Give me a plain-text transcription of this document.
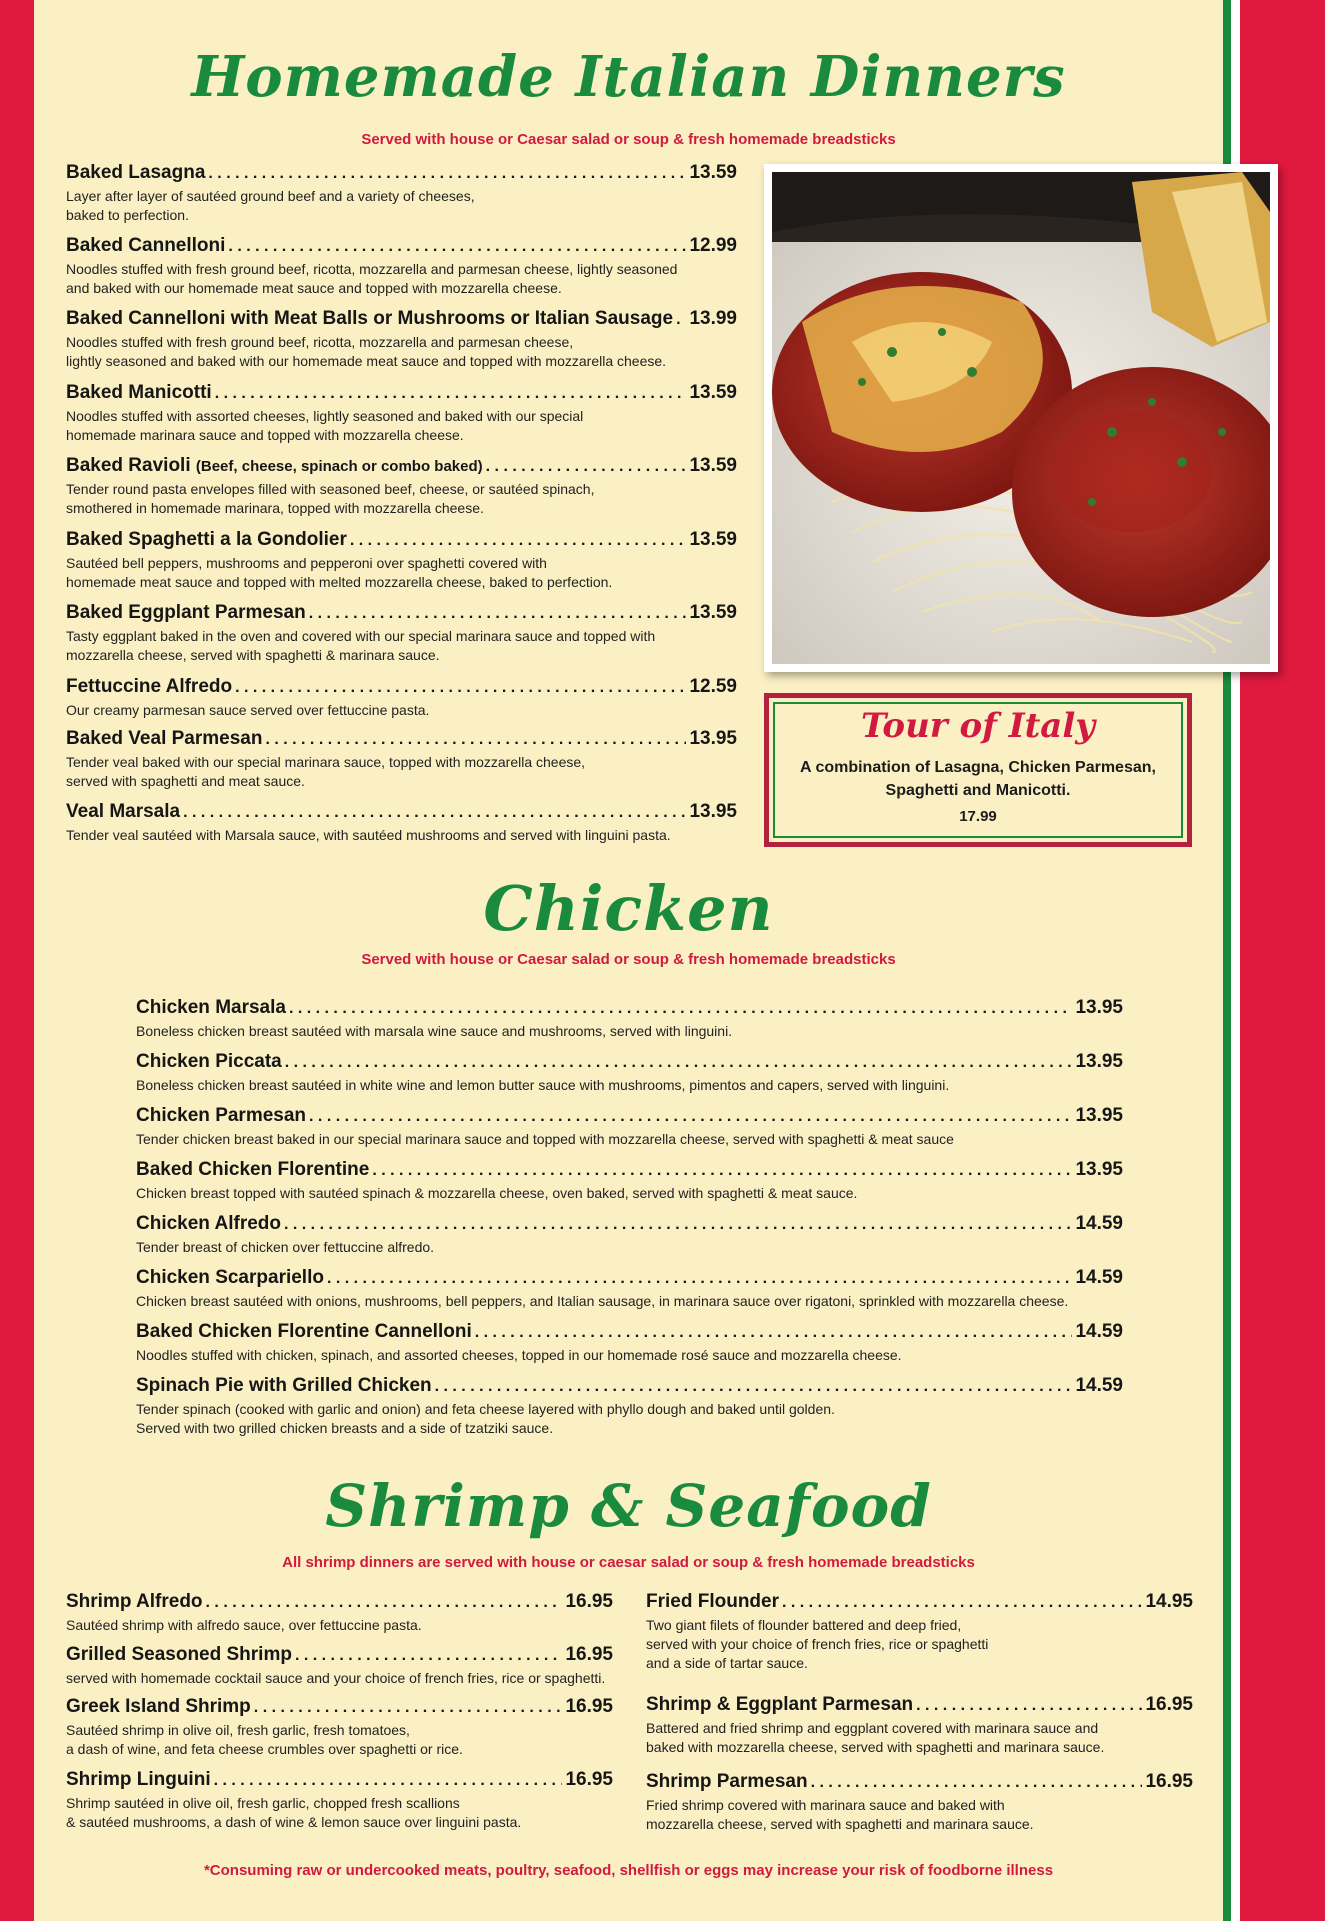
Homemade Italian Dinners
Served with house or Caesar salad or soup & fresh homemade breadsticks
Baked Lasagna . . .	13.59
Layer after layer of sautéed ground beef and a variety of cheeses,
baked to perfection.
Baked Cannelloni . . .	12.99
Noodles stuffed with fresh ground beef, ricotta, mozzarella and parmesan cheese, lightly seasoned
and baked with our homemade meat sauce and topped with mozzarella cheese.
Baked Cannelloni with Meat Balls or Mushrooms or Italian Sausage . . . 13.99
Noodles stuffed with fresh ground beef, ricotta, mozzarella and parmesan cheese,
lightly seasoned and baked with our homemade meat sauce and topped with mozzarella cheese.
Baked Manicotti . . .	13.59
Noodles stuffed with assorted cheeses, lightly seasoned and baked with our special
homemade marinara sauce and topped with mozzarella cheese.
Baked Ravioli (Beef, cheese, spinach or combo baked) . . .	13.59
Tender round pasta envelopes filled with seasoned beef, cheese, or sautéed spinach,
smothered in homemade marinara, topped with mozzarella cheese.
Baked Spaghetti a la Gondolier . . .	13.59
Sautéed bell peppers, mushrooms and pepperoni over spaghetti covered with
homemade meat sauce and topped with melted mozzarella cheese, baked to perfection.
Baked Eggplant Parmesan . . .	13.59
Tasty eggplant baked in the oven and covered with our special marinara sauce and topped with
mozzarella cheese, served with spaghetti & marinara sauce.
Fettuccine Alfredo . . .	12.59
Our creamy parmesan sauce served over fettuccine pasta.
Baked Veal Parmesan . . .	13.95
Tender veal baked with our special marinara sauce, topped with mozzarella cheese,
served with spaghetti and meat sauce.
Veal Marsala . . .	13.95
Tender veal sautéed with Marsala sauce, with sautéed mushrooms and served with linguini pasta.
Tour of Italy
A combination of Lasagna, Chicken Parmesan,
Spaghetti and Manicotti.
17.99
Chicken
Served with house or Caesar salad or soup & fresh homemade breadsticks
Chicken Marsala . . .	13.95
Boneless chicken breast sautéed with marsala wine sauce and mushrooms, served with linguini.
Chicken Piccata . . .	13.95
Boneless chicken breast sautéed in white wine and lemon butter sauce with mushrooms, pimentos and capers, served with linguini.
Chicken Parmesan . . .	13.95
Tender chicken breast baked in our special marinara sauce and topped with mozzarella cheese, served with spaghetti & meat sauce
Baked Chicken Florentine . . .	13.95
Chicken breast topped with sautéed spinach & mozzarella cheese, oven baked, served with spaghetti & meat sauce.
Chicken Alfredo . . .	14.59
Tender breast of chicken over fettuccine alfredo.
Chicken Scarpariello . . .	14.59
Chicken breast sautéed with onions, mushrooms, bell peppers, and Italian sausage, in marinara sauce over rigatoni, sprinkled with mozzarella cheese.
Baked Chicken Florentine Cannelloni . . .	14.59
Noodles stuffed with chicken, spinach, and assorted cheeses, topped in our homemade rosé sauce and mozzarella cheese.
Spinach Pie with Grilled Chicken . . .	14.59
Tender spinach (cooked with garlic and onion) and feta cheese layered with phyllo dough and baked until golden.
Served with two grilled chicken breasts and a side of tzatziki sauce.
Shrimp & Seafood
All shrimp dinners are served with house or caesar salad or soup & fresh homemade breadsticks
Shrimp Alfredo . . .	16.95
Sautéed shrimp with alfredo sauce, over fettuccine pasta.
Grilled Seasoned Shrimp . . .	16.95
served with homemade cocktail sauce and your choice of french fries, rice or spaghetti.
Greek Island Shrimp . . .	16.95
Sautéed shrimp in olive oil, fresh garlic, fresh tomatoes,
a dash of wine, and feta cheese crumbles over spaghetti or rice.
Shrimp Linguini . . .	16.95
Shrimp sautéed in olive oil, fresh garlic, chopped fresh scallions
& sautéed mushrooms, a dash of wine & lemon sauce over linguini pasta.
Fried Flounder . . .	14.95
Two giant filets of flounder battered and deep fried,
served with your choice of french fries, rice or spaghetti
and a side of tartar sauce.
Shrimp & Eggplant Parmesan . . .	16.95
Battered and fried shrimp and eggplant covered with marinara sauce and
baked with mozzarella cheese, served with spaghetti and marinara sauce.
Shrimp Parmesan . . .	16.95
Fried shrimp covered with marinara sauce and baked with
mozzarella cheese, served with spaghetti and marinara sauce.
*Consuming raw or undercooked meats, poultry, seafood, shellfish or eggs may increase your risk of foodborne illness
